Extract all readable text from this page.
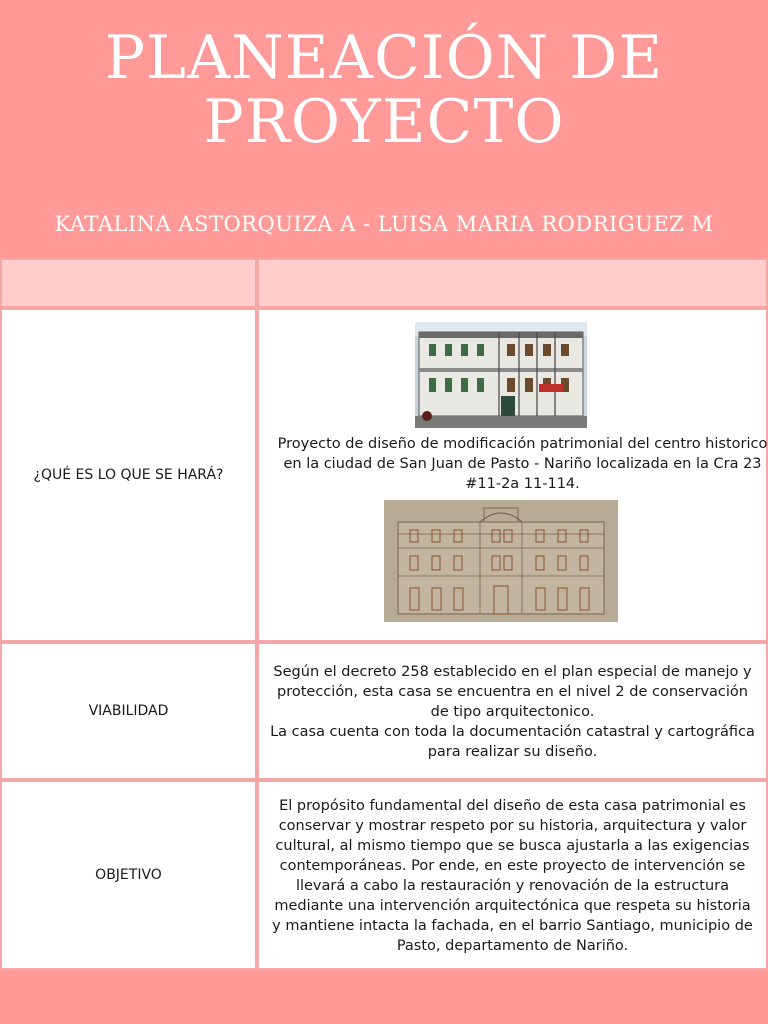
PLANEACIÓN DE
PROYECTO
KATALINA ASTORQUIZA A - LUISA MARIA RODRIGUEZ M
¿QUÉ ES LO QUE SE HARÁ?
Proyecto de diseño de modificación patrimonial del centro historico en la ciudad de San Juan de Pasto - Nariño localizada en la Cra 23 #11-2a 11-114.
VIABILIDAD
Según el decreto 258 establecido en el plan especial de manejo y protección, esta casa se encuentra en el nivel 2 de conservación de tipo arquitectonico.
La casa cuenta con toda la documentación catastral y cartográfica para realizar su diseño.
OBJETIVO
El propósito fundamental del diseño de esta casa patrimonial es conservar y mostrar respeto por su historia, arquitectura y valor cultural, al mismo tiempo que se busca ajustarla a las exigencias contemporáneas. Por ende, en este proyecto de intervención se llevará a cabo la restauración y renovación de la estructura mediante una intervención arquitectónica que respeta su historia y mantiene intacta la fachada, en el barrio Santiago, municipio de Pasto, departamento de Nariño.
